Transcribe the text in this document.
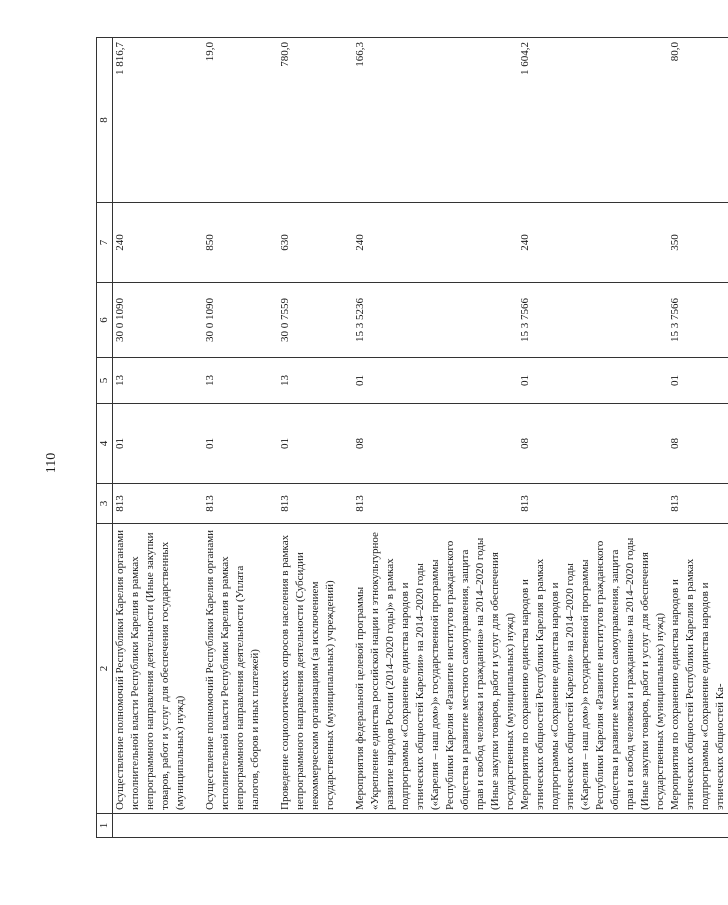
110
1	2	3	4	5	6	7	8
	Осуществление полномочий Республики Карелия органами исполнительной власти Республики Карелия в рамках непрограммного направления деятельности (Иные закупки товаров, работ и услуг для обеспечения государственных (муниципальных) нужд)	813	01	13	30 0 1090	240	1 816,7
	Осуществление полномочий Республики Карелия органами исполнительной власти Республики Карелия в рамках непрограммного направления деятельности (Уплата налогов, сборов и иных платежей)	813	01	13	30 0 1090	850	19,0
	Проведение социологических опросов населения в рамках непрограммного направления деятельности (Субсидии некоммерческим организациям (за исключением государственных (муниципальных) учреждений)	813	01	13	30 0 7559	630	780,0
	Мероприятия федеральной целевой программы «Укрепление единства российской нации и этнокультурное развитие народов России (2014–2020 годы)» в рамках подпрограммы «Сохранение единства народов и этнических общностей Карелии» на 2014–2020 годы («Карелия – наш дом»)» государственной программы Республики Карелия «Развитие институтов гражданского общества и развитие местного самоуправления, защита прав и свобод человека и гражданина» на 2014–2020 годы (Иные закупки товаров, работ и услуг для обеспечения государственных (муниципальных) нужд)	813	08	01	15 3 5236	240	166,3
	Мероприятия по сохранению единства народов и этнических общностей Республики Карелия в рамках подпрограммы «Сохранение единства народов и этнических общностей Карелии» на 2014–2020 годы («Карелия – наш дом»)» государственной программы Республики Карелия «Развитие институтов гражданского общества и развитие местного самоуправления, защита прав и свобод человека и гражданина» на 2014–2020 годы (Иные закупки товаров, работ и услуг для обеспечения государственных (муниципальных) нужд)	813	08	01	15 3 7566	240	1 604,2
	Мероприятия по сохранению единства народов и этнических общностей Республики Карелия в рамках подпрограммы «Сохранение единства народов и этнических общностей Ка-	813	08	01	15 3 7566	350	80,0
